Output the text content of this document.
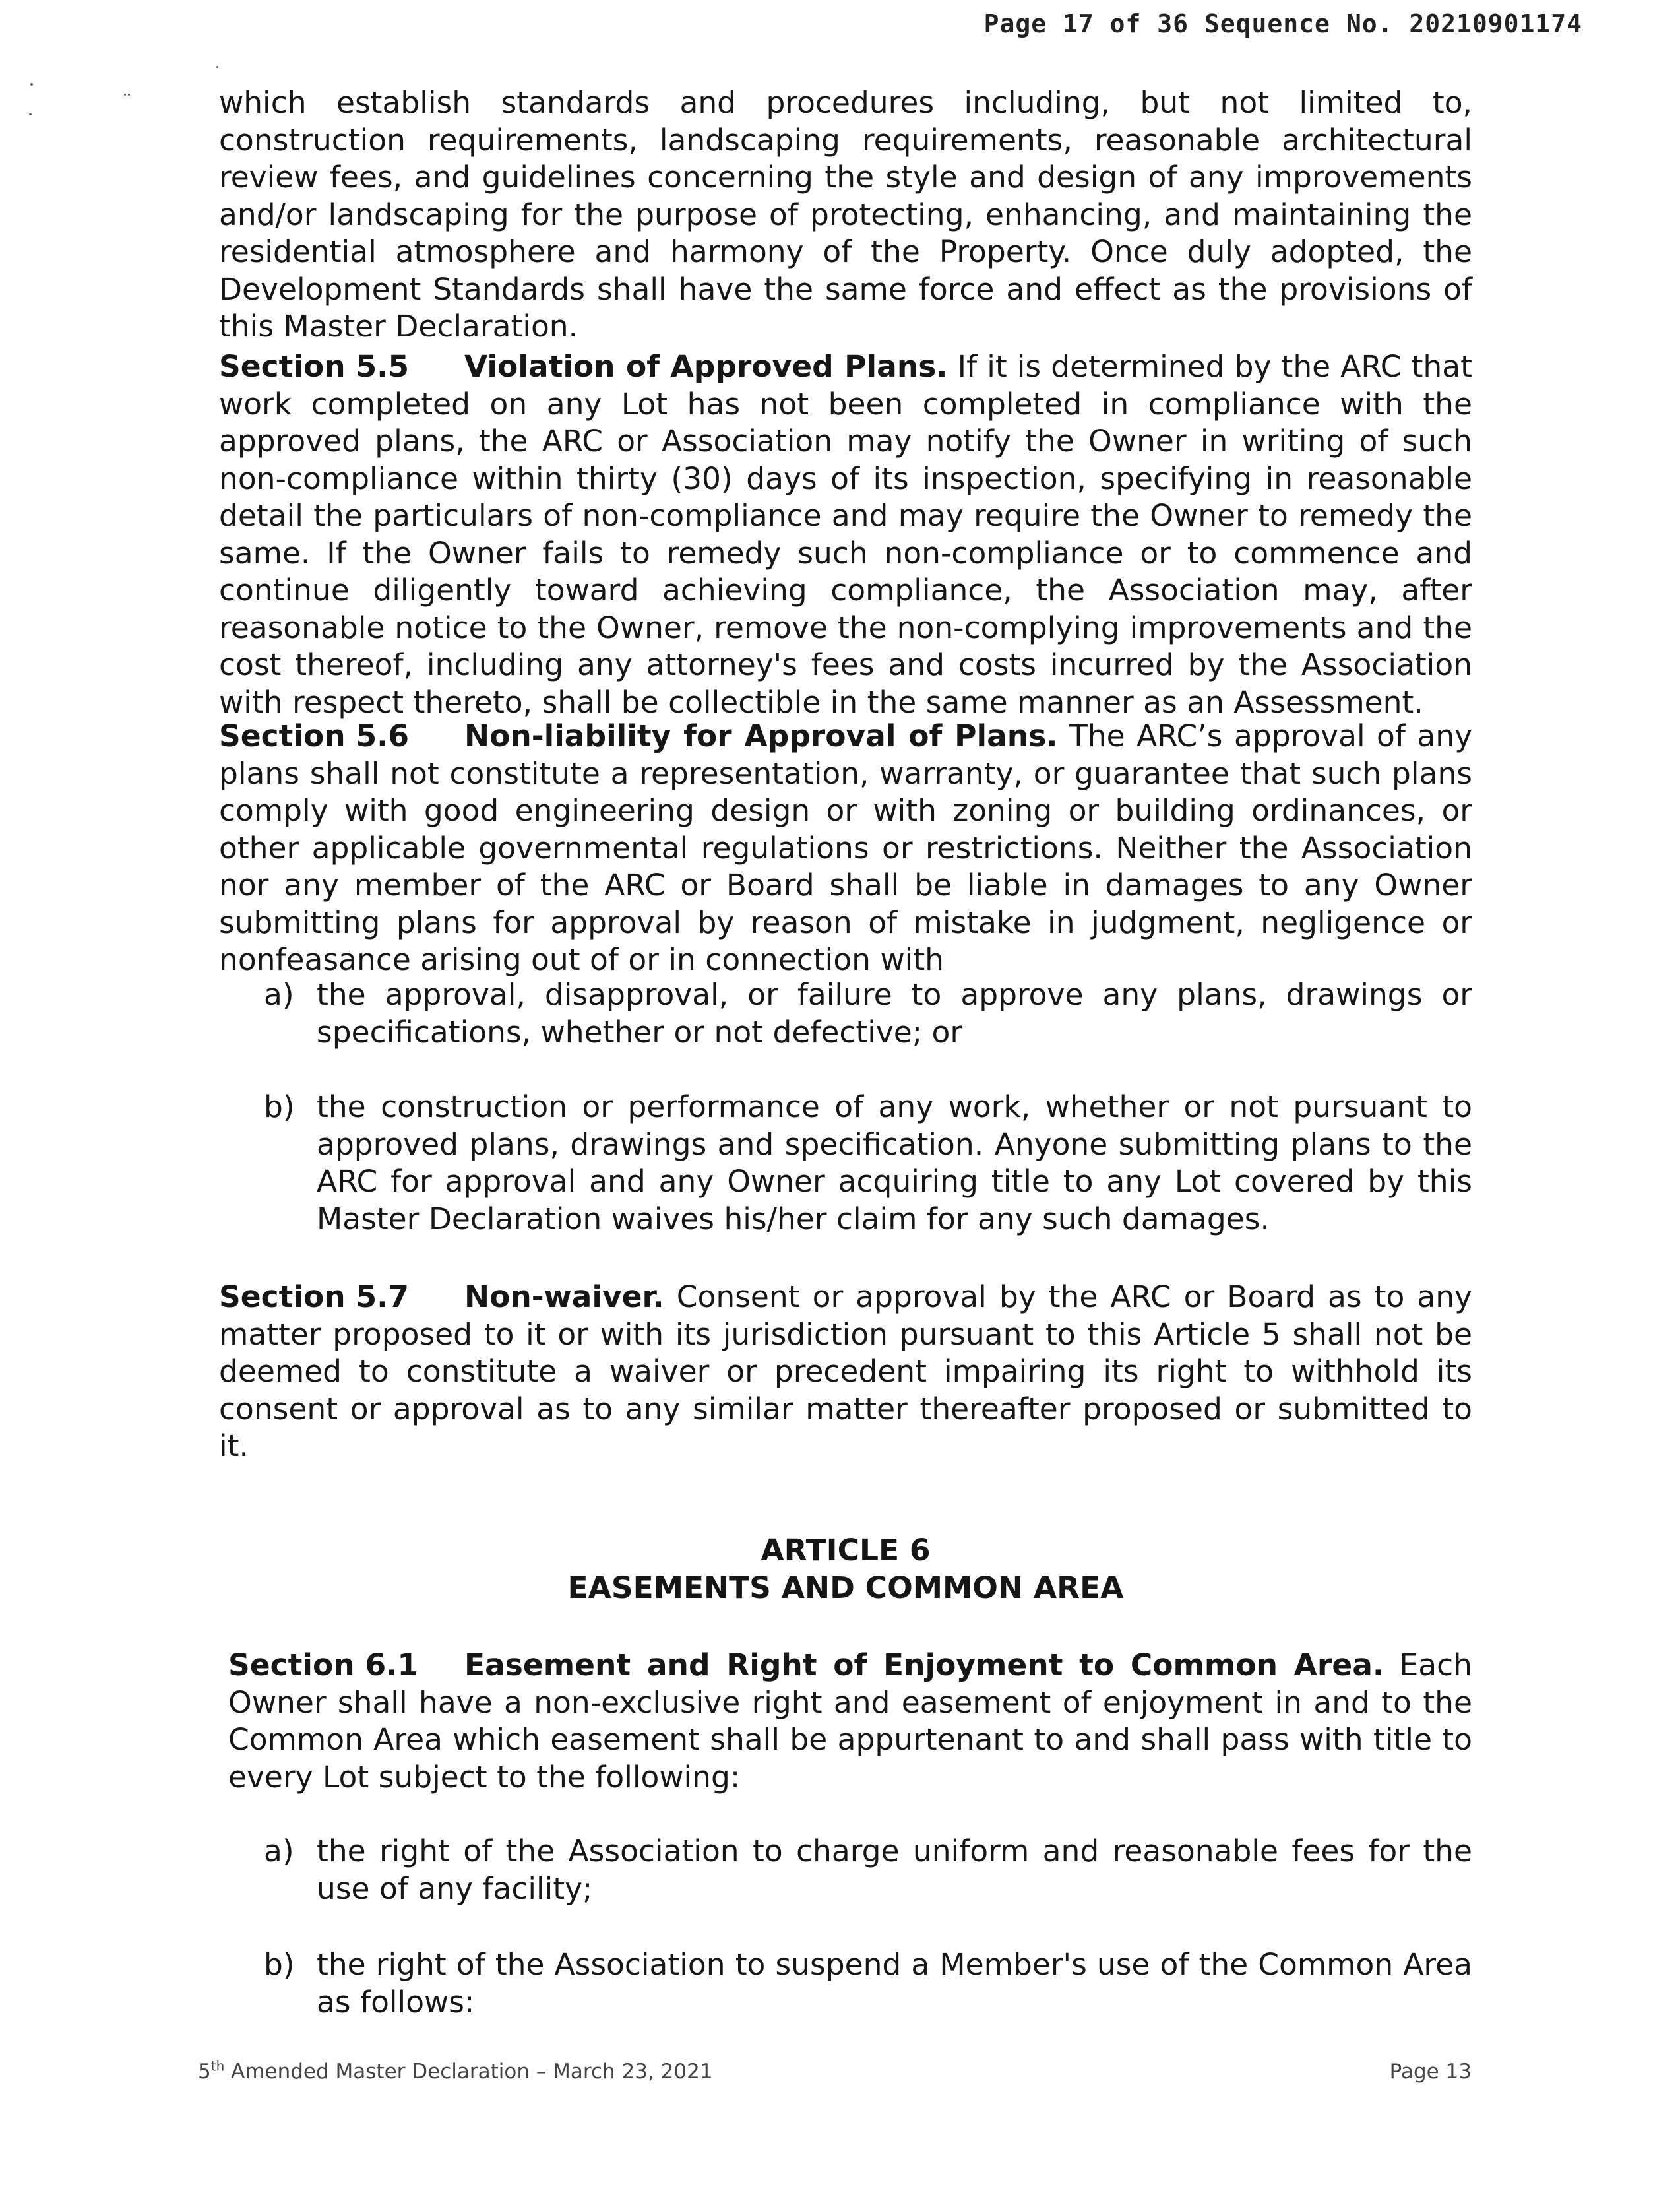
Page 17 of 36 Sequence No. 20210901174

which establish standards and procedures including, but not limited to, construction requirements, landscaping requirements, reasonable architectural review fees, and guidelines concerning the style and design of any improvements and/or landscaping for the purpose of protecting, enhancing, and maintaining the residential atmosphere and harmony of the Property. Once duly adopted, the Development Standards shall have the same force and effect as the provisions of this Master Declaration.

Section 5.5 Violation of Approved Plans. If it is determined by the ARC that work completed on any Lot has not been completed in compliance with the approved plans, the ARC or Association may notify the Owner in writing of such non-compliance within thirty (30) days of its inspection, specifying in reasonable detail the particulars of non-compliance and may require the Owner to remedy the same. If the Owner fails to remedy such non-compliance or to commence and continue diligently toward achieving compliance, the Association may, after reasonable notice to the Owner, remove the non-complying improvements and the cost thereof, including any attorney's fees and costs incurred by the Association with respect thereto, shall be collectible in the same manner as an Assessment.

Section 5.6 Non-liability for Approval of Plans. The ARC’s approval of any plans shall not constitute a representation, warranty, or guarantee that such plans comply with good engineering design or with zoning or building ordinances, or other applicable governmental regulations or restrictions. Neither the Association nor any member of the ARC or Board shall be liable in damages to any Owner submitting plans for approval by reason of mistake in judgment, negligence or nonfeasance arising out of or in connection with

a) the approval, disapproval, or failure to approve any plans, drawings or specifications, whether or not defective; or
b) the construction or performance of any work, whether or not pursuant to approved plans, drawings and specification. Anyone submitting plans to the ARC for approval and any Owner acquiring title to any Lot covered by this Master Declaration waives his/her claim for any such damages.

Section 5.7 Non-waiver. Consent or approval by the ARC or Board as to any matter proposed to it or with its jurisdiction pursuant to this Article 5 shall not be deemed to constitute a waiver or precedent impairing its right to withhold its consent or approval as to any similar matter thereafter proposed or submitted to it.

ARTICLE 6
EASEMENTS AND COMMON AREA

Section 6.1 Easement and Right of Enjoyment to Common Area. Each Owner shall have a non-exclusive right and easement of enjoyment in and to the Common Area which easement shall be appurtenant to and shall pass with title to every Lot subject to the following:

a) the right of the Association to charge uniform and reasonable fees for the use of any facility;
b) the right of the Association to suspend a Member's use of the Common Area as follows:
5th Amended Master Declaration – March 23, 2021	Page 13
